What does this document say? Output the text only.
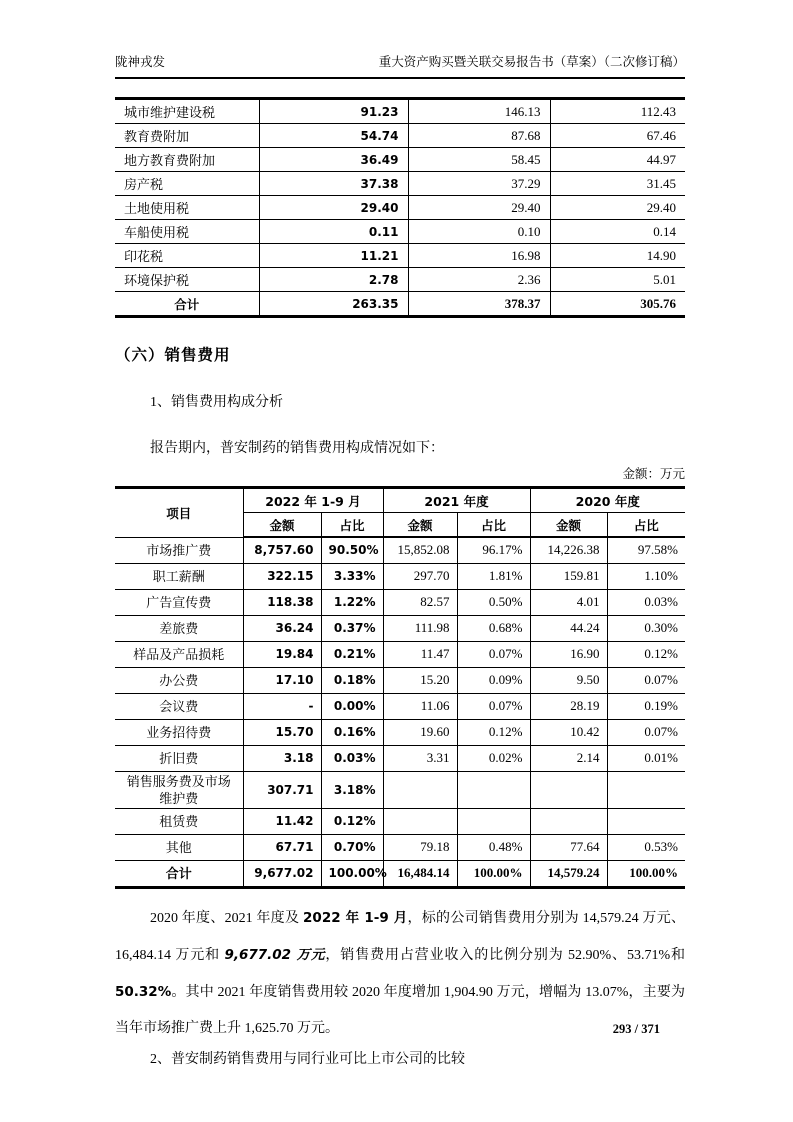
陇神戎发	重大资产购买暨关联交易报告书（草案）（二次修订稿）
城市维护建设税	91.23	146.13	112.43
教育费附加	54.74	87.68	67.46
地方教育费附加	36.49	58.45	44.97
房产税	37.38	37.29	31.45
土地使用税	29.40	29.40	29.40
车船使用税	0.11	0.10	0.14
印花税	11.21	16.98	14.90
环境保护税	2.78	2.36	5.01
合计	263.35	378.37	305.76
（六）销售费用
1、销售费用构成分析
报告期内，普安制药的销售费用构成情况如下：
金额：万元
项目	2022 年 1-9 月		2021 年度		2020 年度	
	金额	占比	金额	占比	金额	占比
市场推广费	8,757.60	90.50%	15,852.08	96.17%	14,226.38	97.58%
职工薪酬	322.15	3.33%	297.70	1.81%	159.81	1.10%
广告宣传费	118.38	1.22%	82.57	0.50%	4.01	0.03%
差旅费	36.24	0.37%	111.98	0.68%	44.24	0.30%
样品及产品损耗	19.84	0.21%	11.47	0.07%	16.90	0.12%
办公费	17.10	0.18%	15.20	0.09%	9.50	0.07%
会议费	-	0.00%	11.06	0.07%	28.19	0.19%
业务招待费	15.70	0.16%	19.60	0.12%	10.42	0.07%
折旧费	3.18	0.03%	3.31	0.02%	2.14	0.01%
销售服务费及市场维护费	307.71	3.18%				
租赁费	11.42	0.12%				
其他	67.71	0.70%	79.18	0.48%	77.64	0.53%
合计	9,677.02	100.00%	16,484.14	100.00%	14,579.24	100.00%

2020 年度、2021 年度及 2022 年 1-9 月，标的公司销售费用分别为 14,579.24 万元、16,484.14 万元和 9,677.02 万元，销售费用占营业收入的比例分别为 52.90%、53.71%和 50.32%。其中 2021 年度销售费用较 2020 年度增加 1,904.90 万元，增幅为 13.07%，主要为当年市场推广费上升 1,625.70 万元。

2、普安制药销售费用与同行业可比上市公司的比较
293 / 371
